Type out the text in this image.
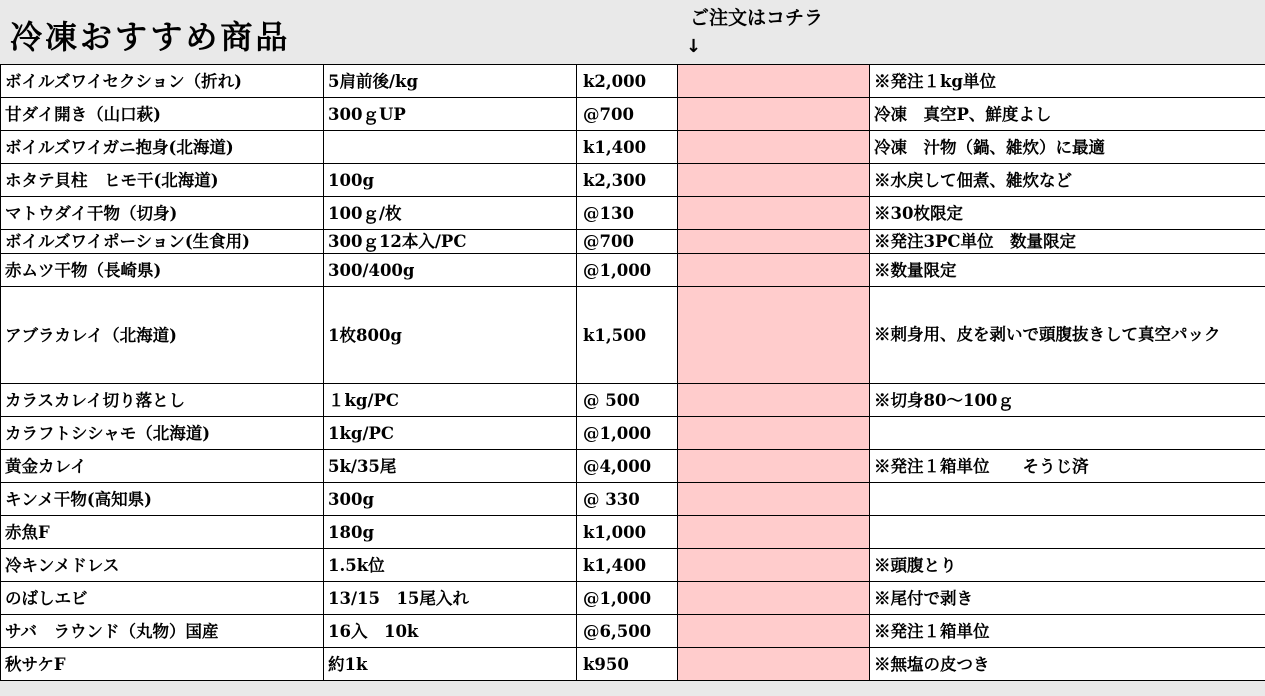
冷凍おすすめ商品	ご注文はコチラ
↓
ボイルズワイセクション（折れ)	5肩前後/kg	k2,000		※発注１kg単位
甘ダイ開き（山口萩)	300ｇUP	@700		冷凍　真空P、鮮度よし
ボイルズワイガニ抱身(北海道)		k1,400		冷凍　汁物（鍋、雑炊）に最適
ホタテ貝柱　ヒモ干(北海道)	100g	k2,300		※水戻して佃煮、雑炊など
マトウダイ干物（切身)	100ｇ/枚	@130		※30枚限定
ボイルズワイポーション(生食用)	300ｇ12本入/PC	@700		※発注3PC単位　数量限定
赤ムツ干物（長崎県)	300/400g	@1,000		※数量限定
アブラカレイ（北海道)	1枚800g	k1,500		※刺身用、皮を剥いで頭腹抜きして真空パック
カラスカレイ切り落とし	１kg/PC	@ 500		※切身80〜100ｇ
カラフトシシャモ（北海道)	1kg/PC	@1,000		
黄金カレイ	5k/35尾	@4,000		※発注１箱単位　　そうじ済
キンメ干物(高知県)	300g	@ 330		
赤魚F	180g	k1,000		
冷キンメドレス	1.5k位	k1,400		※頭腹とり
のばしエビ	13/15　15尾入れ	@1,000		※尾付で剥き
サバ　ラウンド（丸物）国産	16入　10k	@6,500		※発注１箱単位
秋サケF	約1k	k950		※無塩の皮つき
